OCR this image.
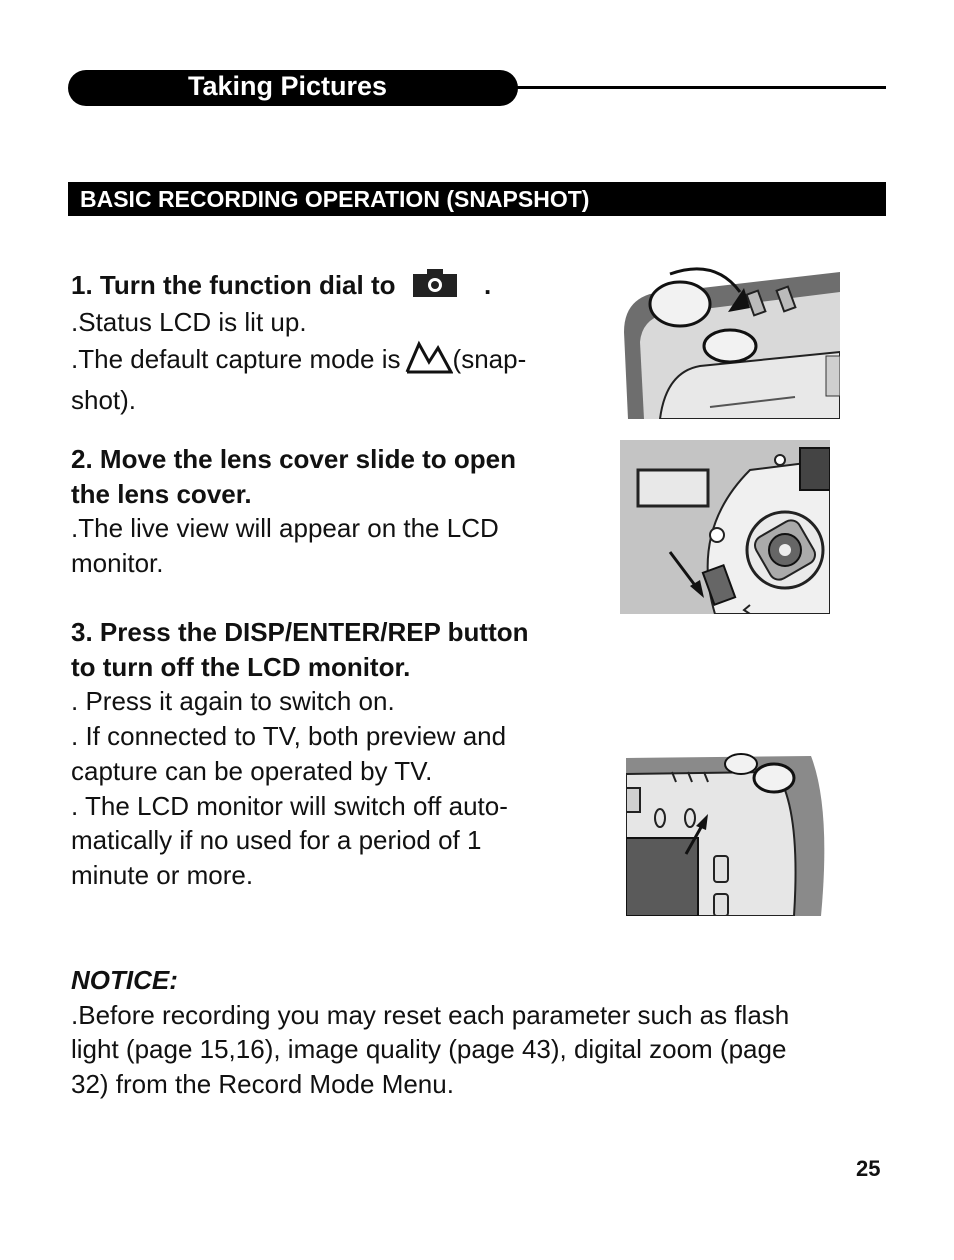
Taking Pictures
BASIC RECORDING OPERATION (SNAPSHOT)

1. Turn the function dial to	.

.Status LCD is lit up.

.The default capture mode is (snap-

shot).

2. Move the lens cover slide to open

the lens cover.

.The live view will appear on the LCD

monitor.

3. Press the DISP/ENTER/REP button

to turn off the LCD monitor.

. Press it again to switch on.

. If connected to TV, both preview and

capture can be operated by TV.

. The LCD monitor will switch off auto-

matically if no used for a period of 1

minute or more.

NOTICE:

.Before recording you may reset each parameter such as flash

light (page 15,16), image quality (page 43), digital zoom (page

32) from the Record Mode Menu.

25
